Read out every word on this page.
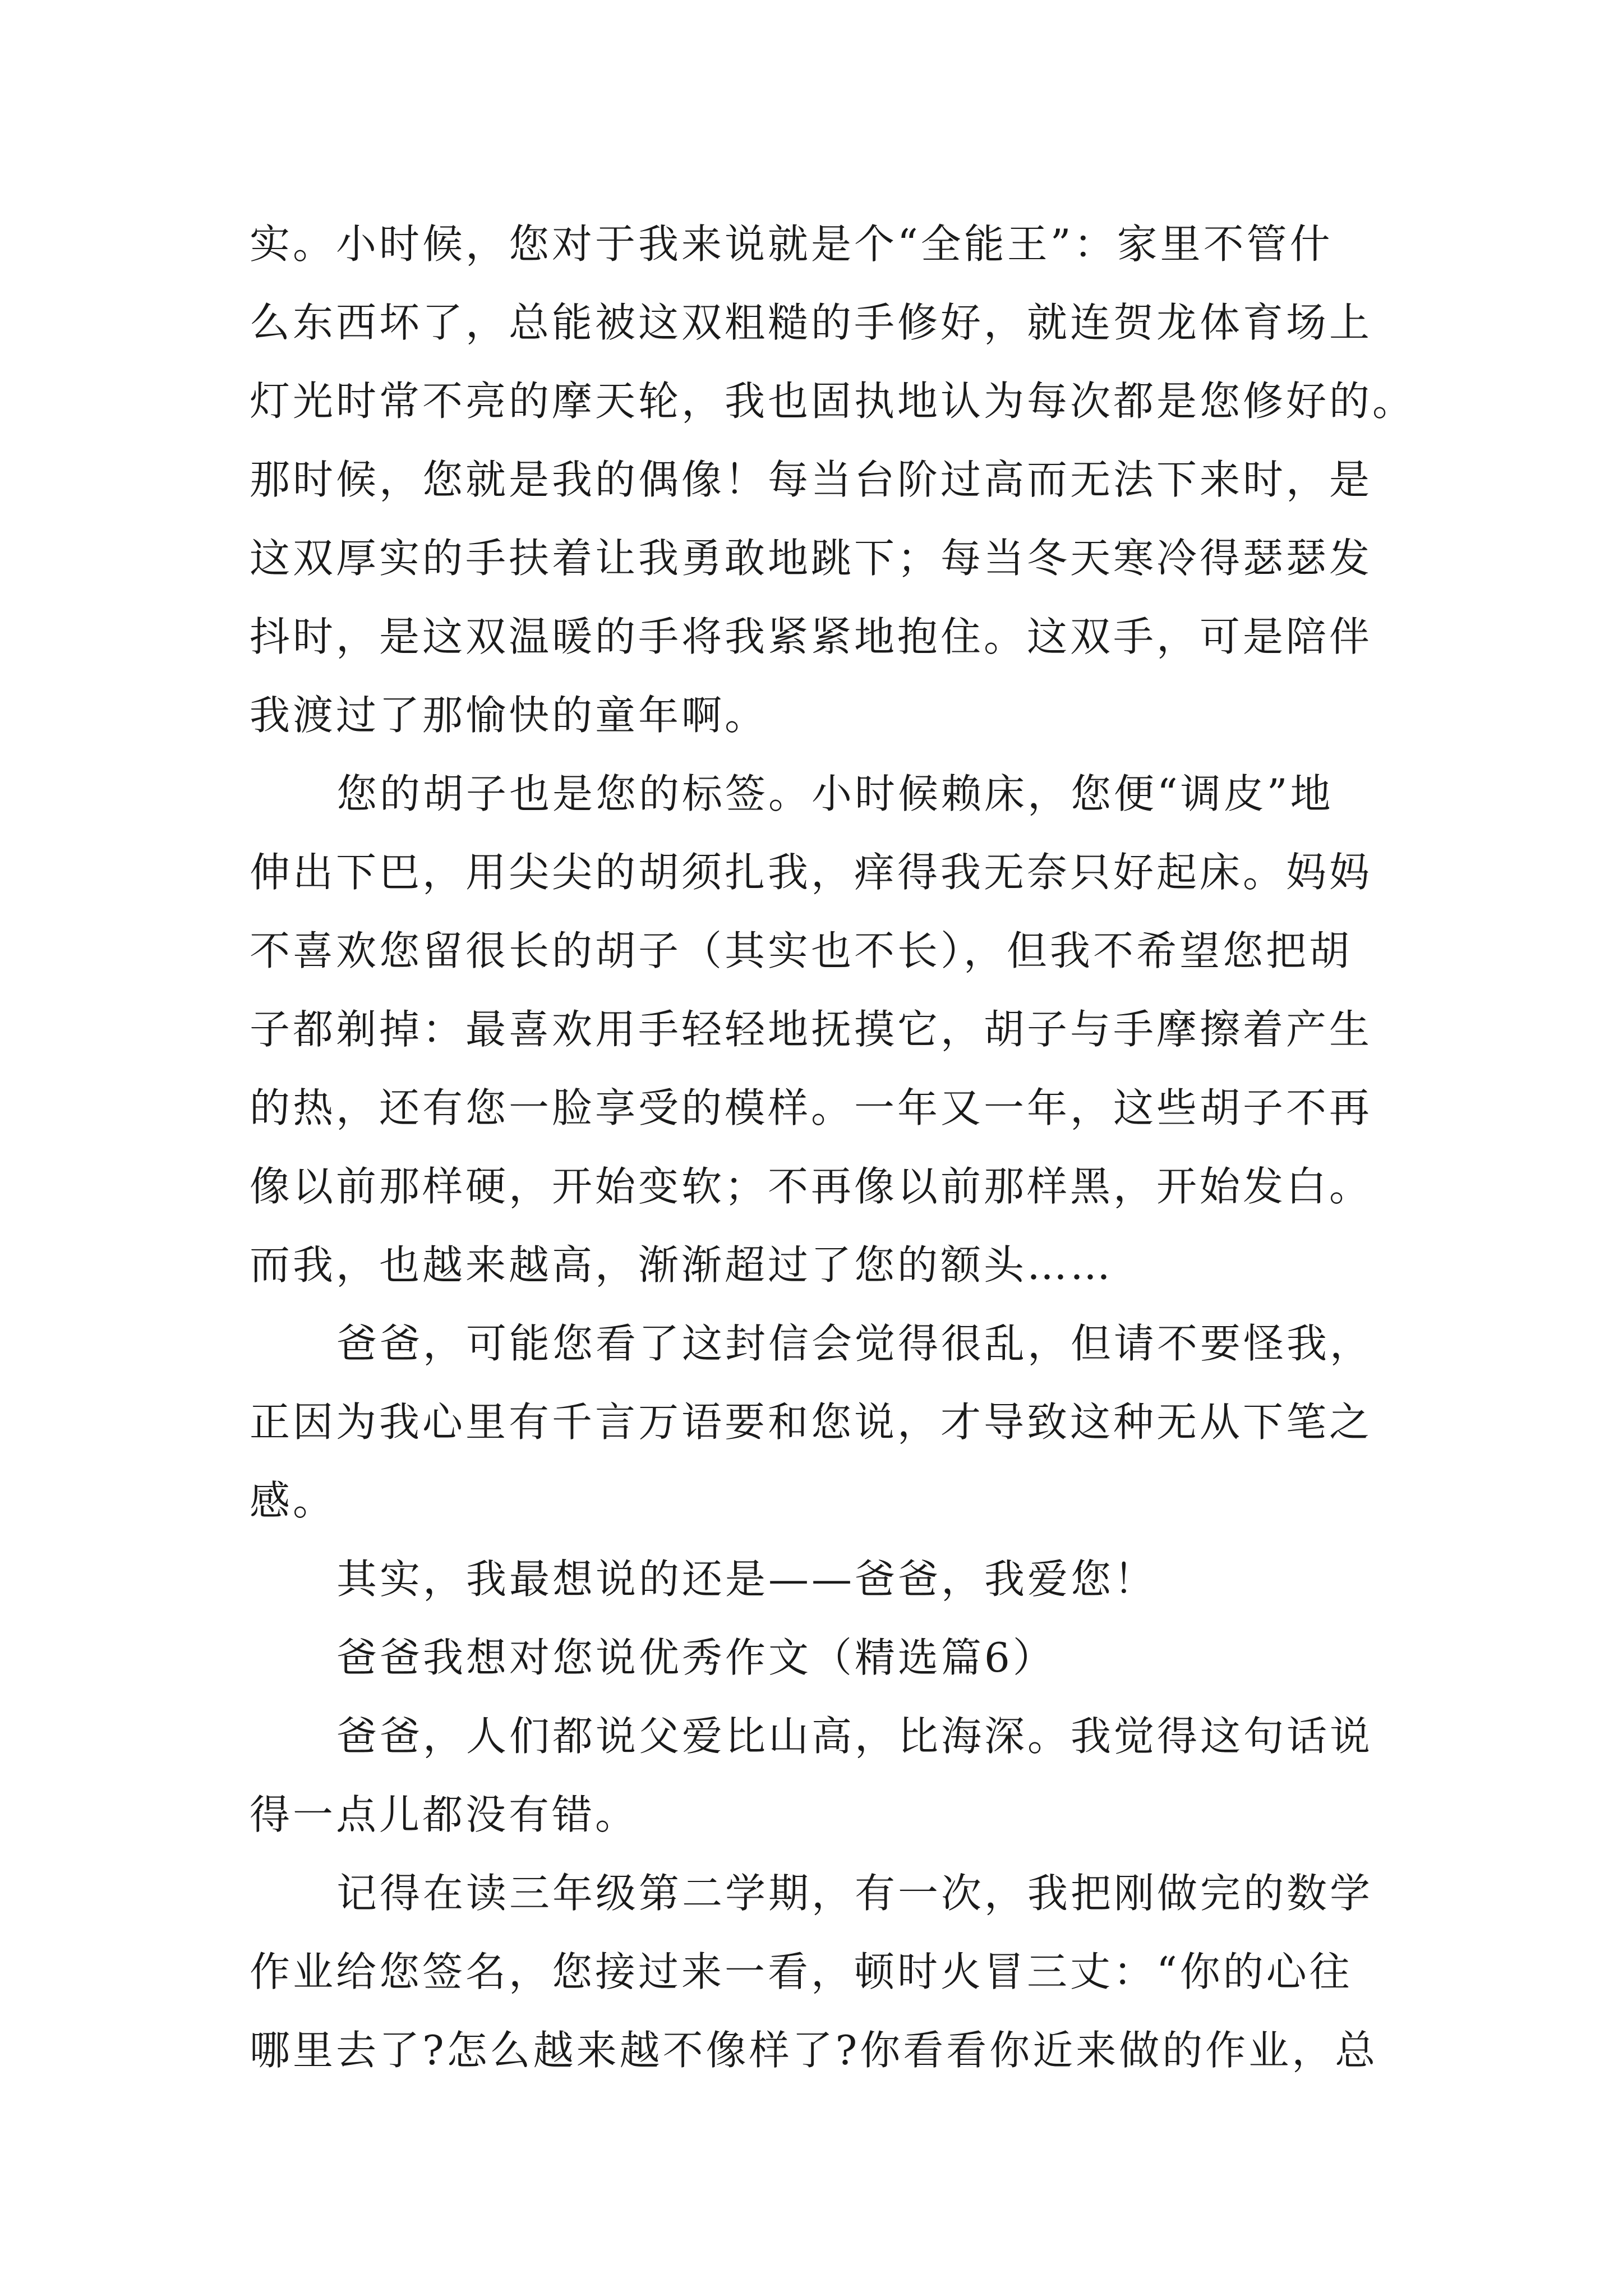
实。小时候，您对于我来说就是个“全能王”：家里不管什
么东西坏了，总能被这双粗糙的手修好，就连贺龙体育场上
灯光时常不亮的摩天轮，我也固执地认为每次都是您修好的。
那时候，您就是我的偶像！每当台阶过高而无法下来时，是
这双厚实的手扶着让我勇敢地跳下；每当冬天寒冷得瑟瑟发
抖时，是这双温暖的手将我紧紧地抱住。这双手，可是陪伴
我渡过了那愉快的童年啊。
您的胡子也是您的标签。小时候赖床，您便“调皮”地
伸出下巴，用尖尖的胡须扎我，痒得我无奈只好起床。妈妈
不喜欢您留很长的胡子（其实也不长），但我不希望您把胡
子都剃掉：最喜欢用手轻轻地抚摸它，胡子与手摩擦着产生
的热，还有您一脸享受的模样。一年又一年，这些胡子不再
像以前那样硬，开始变软；不再像以前那样黑，开始发白。
而我，也越来越高，渐渐超过了您的额头……
爸爸，可能您看了这封信会觉得很乱，但请不要怪我，
正因为我心里有千言万语要和您说，才导致这种无从下笔之
感。
其实，我最想说的还是——爸爸，我爱您！
爸爸我想对您说优秀作文（精选篇6）
爸爸，人们都说父爱比山高，比海深。我觉得这句话说
得一点儿都没有错。
记得在读三年级第二学期，有一次，我把刚做完的数学
作业给您签名，您接过来一看，顿时火冒三丈：“你的心往
哪里去了?怎么越来越不像样了?你看看你近来做的作业，总
